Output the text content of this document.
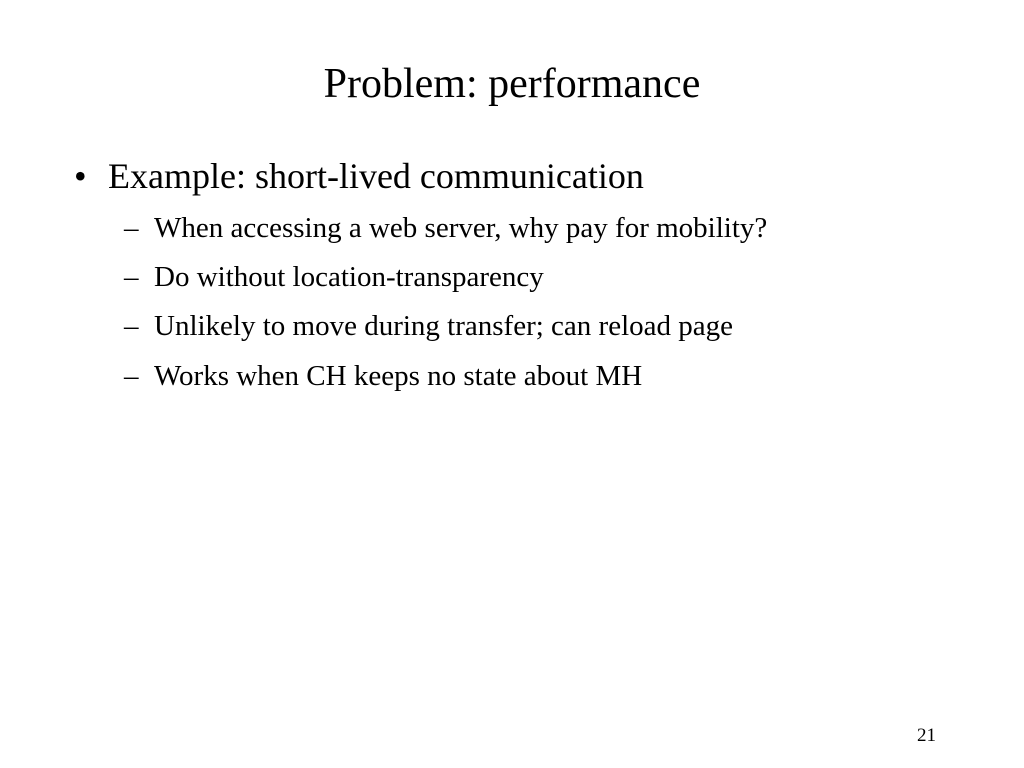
Problem: performance
• Example: short-lived communication
– When accessing a web server, why pay for mobility?
– Do without location-transparency
– Unlikely to move during transfer; can reload page
– Works when CH keeps no state about MH
21
